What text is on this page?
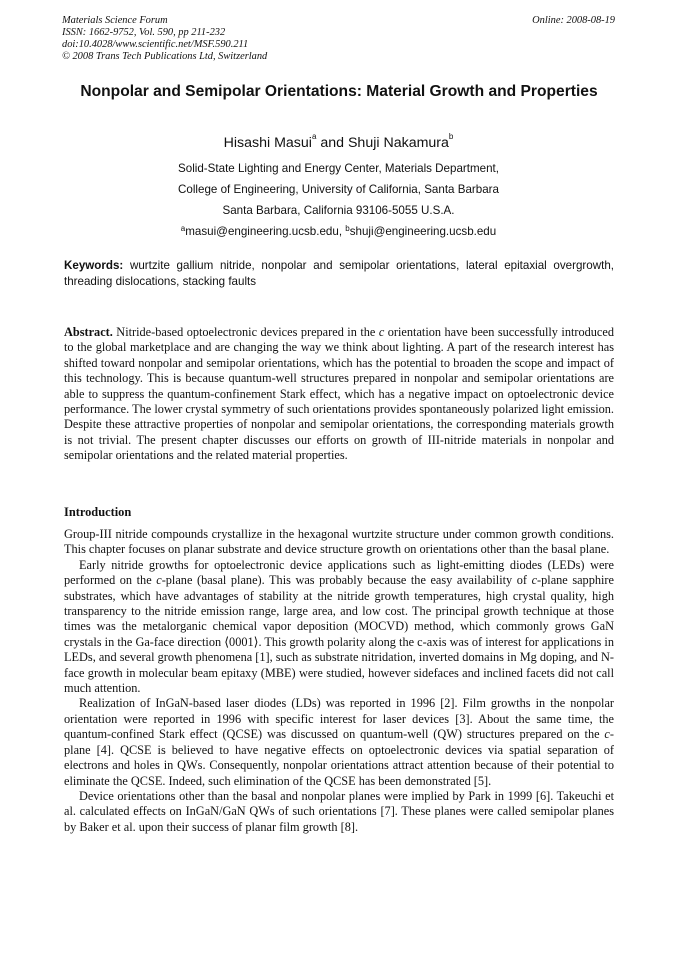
Materials Science Forum
ISSN: 1662-9752, Vol. 590, pp 211-232
doi:10.4028/www.scientific.net/MSF.590.211
© 2008 Trans Tech Publications Ltd, Switzerland
Online: 2008-08-19
Nonpolar and Semipolar Orientations: Material Growth and Properties
Hisashi Masui$^a$ and Shuji Nakamura$^b$
Solid-State Lighting and Energy Center, Materials Department,
College of Engineering, University of California, Santa Barbara
Santa Barbara, California 93106-5055 U.S.A.
$^a$masui@engineering.ucsb.edu, $^b$shuji@engineering.ucsb.edu
Keywords: wurtzite gallium nitride, nonpolar and semipolar orientations, lateral epitaxial overgrowth, threading dislocations, stacking faults
Abstract. Nitride-based optoelectronic devices prepared in the c orientation have been successfully introduced to the global marketplace and are changing the way we think about lighting. A part of the research interest has shifted toward nonpolar and semipolar orientations, which has the potential to broaden the scope and impact of this technology. This is because quantum-well structures prepared in nonpolar and semipolar orientations are able to suppress the quantum-confinement Stark effect, which has a negative impact on optoelectronic device performance. The lower crystal symmetry of such orientations provides spontaneously polarized light emission. Despite these attractive properties of nonpolar and semipolar orientations, the corresponding materials growth is not trivial. The present chapter discusses our efforts on growth of III-nitride materials in nonpolar and semipolar orientations and the related material properties.
Introduction

Group-III nitride compounds crystallize in the hexagonal wurtzite structure under common growth conditions. This chapter focuses on planar substrate and device structure growth on orientations other than the basal plane.

Early nitride growths for optoelectronic device applications such as light-emitting diodes (LEDs) were performed on the c-plane (basal plane). This was probably because the easy availability of c-plane sapphire substrates, which have advantages of stability at the nitride growth temperatures, high crystal quality, high transparency to the nitride emission range, large area, and low cost. The principal growth technique at those times was the metalorganic chemical vapor deposition (MOCVD) method, which commonly grows GaN crystals in the Ga-face direction ⟨0001⟩. This growth polarity along the c-axis was of interest for applications in LEDs, and several growth phenomena [1], such as substrate nitridation, inverted domains in Mg doping, and N-face growth in molecular beam epitaxy (MBE) were studied, however sidefaces and inclined facets did not call much attention.

Realization of InGaN-based laser diodes (LDs) was reported in 1996 [2]. Film growths in the nonpolar orientation were reported in 1996 with specific interest for laser devices [3]. About the same time, the quantum-confined Stark effect (QCSE) was discussed on quantum-well (QW) structures prepared on the c-plane [4]. QCSE is believed to have negative effects on optoelectronic devices via spatial separation of electrons and holes in QWs. Consequently, nonpolar orientations attract attention because of their potential to eliminate the QCSE. Indeed, such elimination of the QCSE has been demonstrated [5].

Device orientations other than the basal and nonpolar planes were implied by Park in 1999 [6]. Takeuchi et al. calculated effects on InGaN/GaN QWs of such orientations [7]. These planes were called semipolar planes by Baker et al. upon their success of planar film growth [8].
